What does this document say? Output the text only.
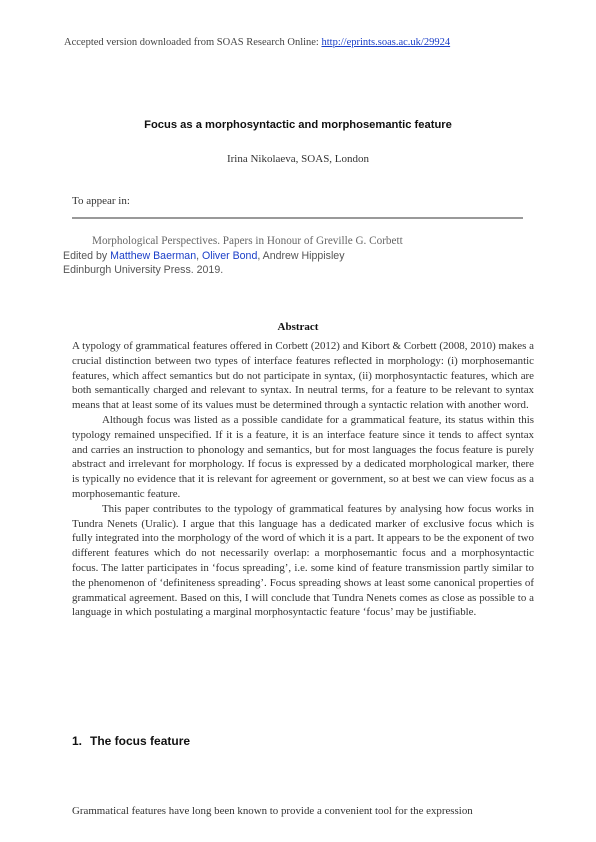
Accepted version downloaded from SOAS Research Online: http://eprints.soas.ac.uk/29924
Focus as a morphosyntactic and morphosemantic feature
Irina Nikolaeva, SOAS, London
To appear in:
Morphological Perspectives. Papers in Honour of Greville G. Corbett
Edited by Matthew Baerman, Oliver Bond, Andrew Hippisley
Edinburgh University Press. 2019.
Abstract

A typology of grammatical features offered in Corbett (2012) and Kibort & Corbett (2008, 2010) makes a crucial distinction between two types of interface features reflected in morphology: (i) morphosemantic features, which affect semantics but do not participate in syntax, (ii) morphosyntactic features, which are both semantically charged and relevant to syntax. In neutral terms, for a feature to be relevant to syntax means that at least some of its values must be determined through a syntactic relation with another word.

Although focus was listed as a possible candidate for a grammatical feature, its status within this typology remained unspecified. If it is a feature, it is an interface feature since it tends to affect syntax and carries an instruction to phonology and semantics, but for most languages the focus feature is purely abstract and irrelevant for morphology. If focus is expressed by a dedicated morphological marker, there is typically no evidence that it is relevant for agreement or government, so at best we can view focus as a morphosemantic feature.

This paper contributes to the typology of grammatical features by analysing how focus works in Tundra Nenets (Uralic). I argue that this language has a dedicated marker of exclusive focus which is fully integrated into the morphology of the word of which it is a part. It appears to be the exponent of two different features which do not necessarily overlap: a morphosemantic focus and a morphosyntactic focus. The latter participates in ‘focus spreading’, i.e. some kind of feature transmission partly similar to the phenomenon of ‘definiteness spreading’. Focus spreading shows at least some canonical properties of grammatical agreement. Based on this, I will conclude that Tundra Nenets comes as close as possible to a language in which postulating a marginal morphosyntactic feature ‘focus’ may be justifiable.

1. The focus feature
Grammatical features have long been known to provide a convenient tool for the expression
